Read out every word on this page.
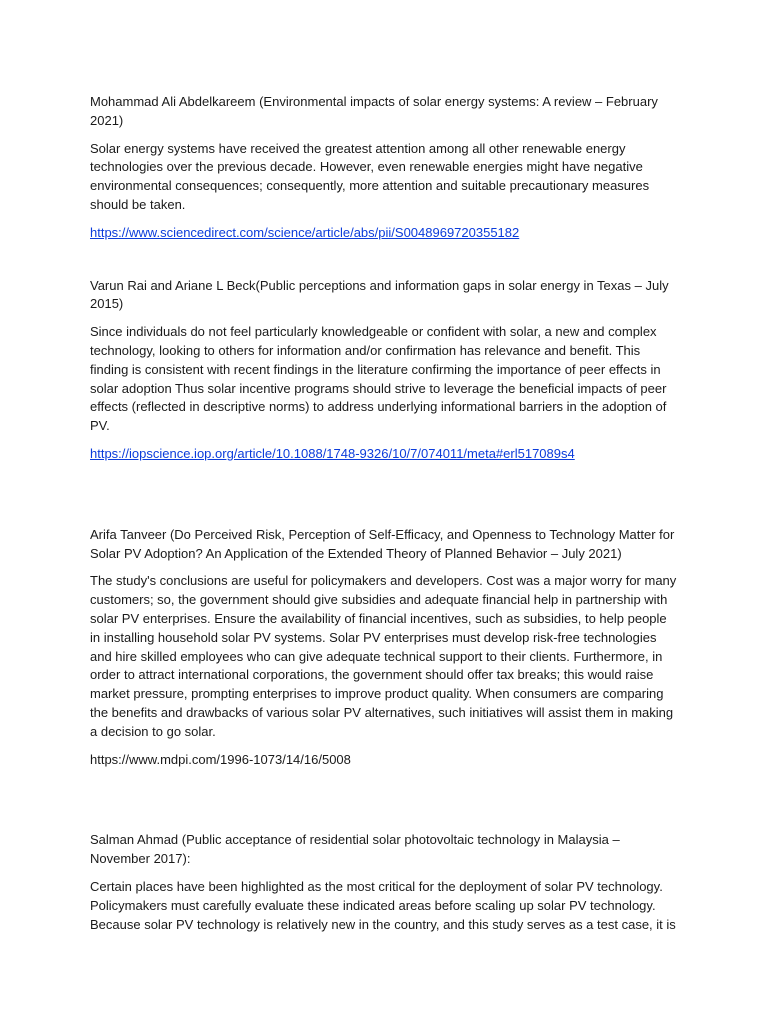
Mohammad Ali Abdelkareem (Environmental impacts of solar energy systems: A review – February 2021)

Solar energy systems have received the greatest attention among all other renewable energy technologies over the previous decade. However, even renewable energies might have negative environmental consequences; consequently, more attention and suitable precautionary measures should be taken.

https://www.sciencedirect.com/science/article/abs/pii/S0048969720355182

Varun Rai and Ariane L Beck(Public perceptions and information gaps in solar energy in Texas – July 2015)

Since individuals do not feel particularly knowledgeable or confident with solar, a new and complex technology, looking to others for information and/or confirmation has relevance and benefit. This finding is consistent with recent findings in the literature confirming the importance of peer effects in solar adoption Thus solar incentive programs should strive to leverage the beneficial impacts of peer effects (reflected in descriptive norms) to address underlying informational barriers in the adoption of PV.

https://iopscience.iop.org/article/10.1088/1748-9326/10/7/074011/meta#erl517089s4

Arifa Tanveer (Do Perceived Risk, Perception of Self-Efficacy, and Openness to Technology Matter for Solar PV Adoption? An Application of the Extended Theory of Planned Behavior – July 2021)

The study's conclusions are useful for policymakers and developers. Cost was a major worry for many customers; so, the government should give subsidies and adequate financial help in partnership with solar PV enterprises. Ensure the availability of financial incentives, such as subsidies, to help people in installing household solar PV systems. Solar PV enterprises must develop risk-free technologies and hire skilled employees who can give adequate technical support to their clients. Furthermore, in order to attract international corporations, the government should offer tax breaks; this would raise market pressure, prompting enterprises to improve product quality. When consumers are comparing the benefits and drawbacks of various solar PV alternatives, such initiatives will assist them in making a decision to go solar.

https://www.mdpi.com/1996-1073/14/16/5008

Salman Ahmad (Public acceptance of residential solar photovoltaic technology in Malaysia – November 2017):

Certain places have been highlighted as the most critical for the deployment of solar PV technology. Policymakers must carefully evaluate these indicated areas before scaling up solar PV technology. Because solar PV technology is relatively new in the country, and this study serves as a test case, it is
